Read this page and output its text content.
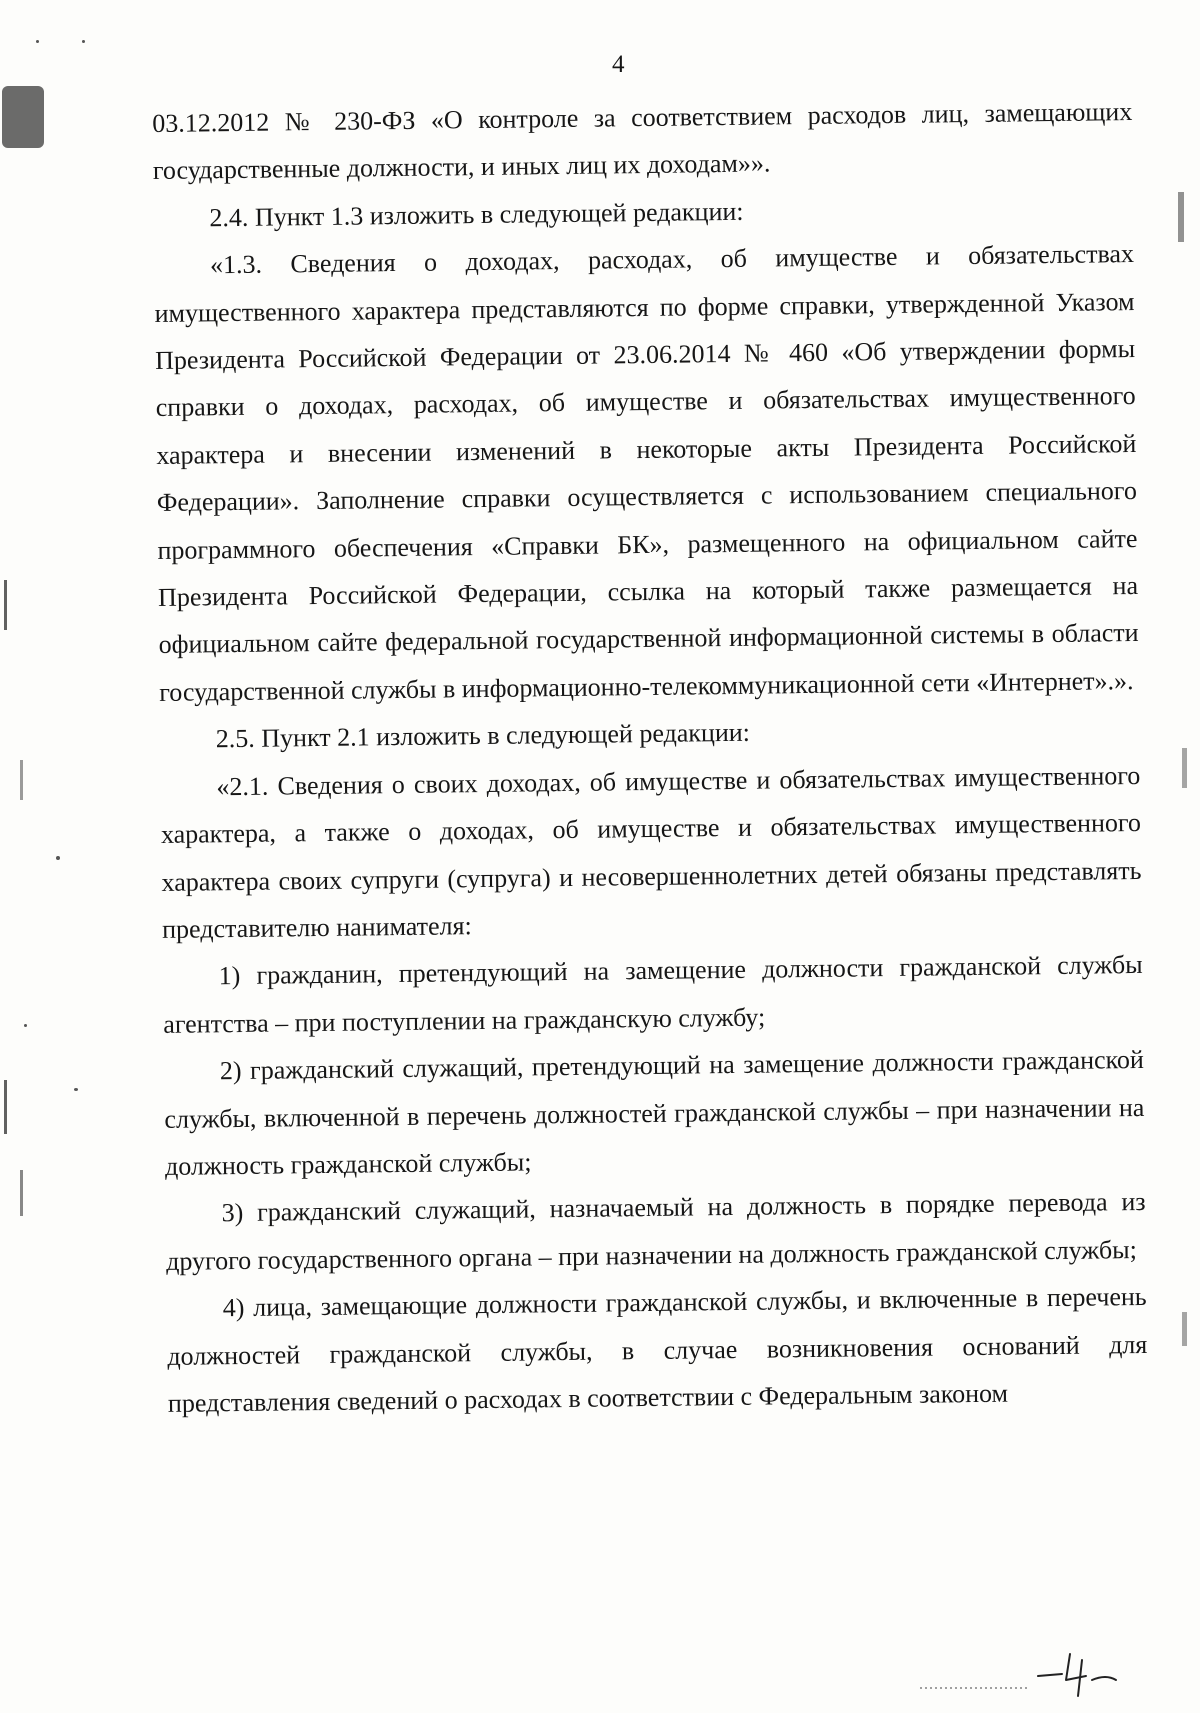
4

03.12.2012 № 230-ФЗ «О контроле за соответствием расходов лиц, замещающих государственные должности, и иных лиц их доходам»».

2.4. Пункт 1.3 изложить в следующей редакции:

«1.3. Сведения о доходах, расходах, об имуществе и обязательствах имущественного характера представляются по форме справки, утвержденной Указом Президента Российской Федерации от 23.06.2014 № 460 «Об утверждении формы справки о доходах, расходах, об имуществе и обязательствах имущественного характера и внесении изменений в некоторые акты Президента Российской Федерации». Заполнение справки осуществляется с использованием специального программного обеспечения «Справки БК», размещенного на официальном сайте Президента Российской Федерации, ссылка на который также размещается на официальном сайте федеральной государственной информационной системы в области государственной службы в информационно-телекоммуникационной сети «Интернет».».

2.5. Пункт 2.1 изложить в следующей редакции:

«2.1. Сведения о своих доходах, об имуществе и обязательствах имущественного характера, а также о доходах, об имуществе и обязательствах имущественного характера своих супруги (супруга) и несовершеннолетних детей обязаны представлять представителю нанимателя:

1) гражданин, претендующий на замещение должности гражданской службы агентства – при поступлении на гражданскую службу;

2) гражданский служащий, претендующий на замещение должности гражданской службы, включенной в перечень должностей гражданской службы – при назначении на должность гражданской службы;

3) гражданский служащий, назначаемый на должность в порядке перевода из другого государственного органа – при назначении на должность гражданской службы;

4) лица, замещающие должности гражданской службы, и включенные в перечень должностей гражданской службы, в случае возникновения оснований для представления сведений о расходах в соответствии с Федеральным законом
